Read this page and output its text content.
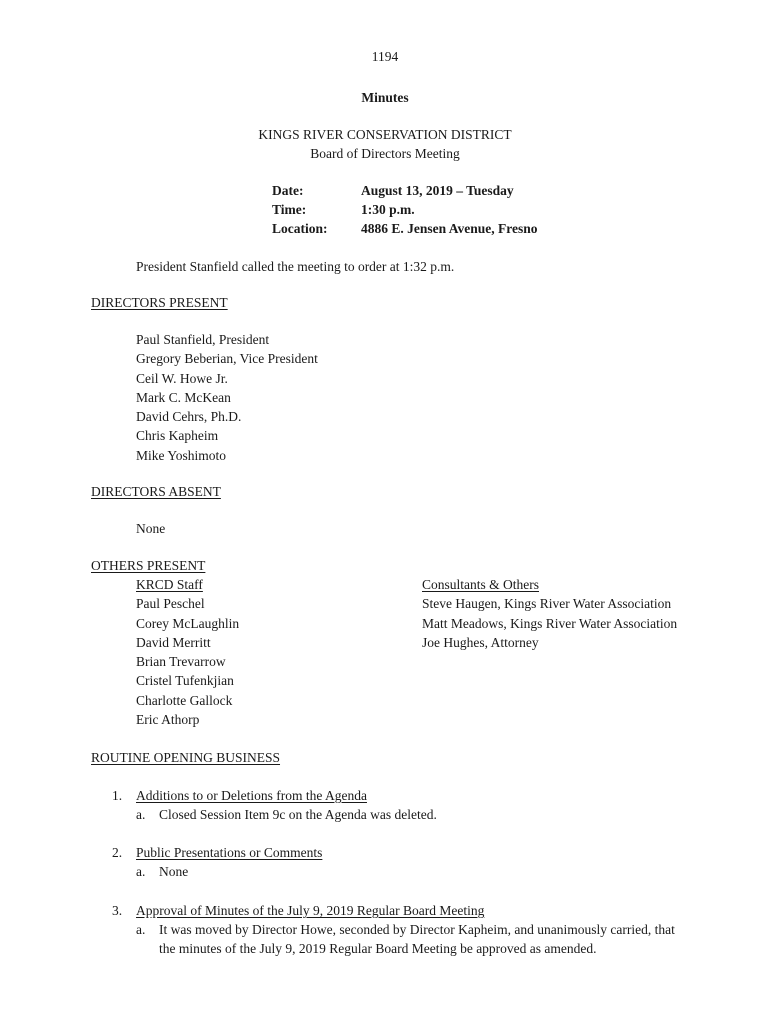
1194
Minutes
KINGS RIVER CONSERVATION DISTRICT
Board of Directors Meeting
Date:	August 13, 2019 – Tuesday
Time:	1:30 p.m.
Location: 4886 E. Jensen Avenue, Fresno
President Stanfield called the meeting to order at 1:32 p.m.
DIRECTORS PRESENT
Paul Stanfield, President
Gregory Beberian, Vice President
Ceil W. Howe Jr.
Mark C. McKean
David Cehrs, Ph.D.
Chris Kapheim
Mike Yoshimoto
DIRECTORS ABSENT
None
OTHERS PRESENT
KRCD Staff
Paul Peschel
Corey McLaughlin
David Merritt
Brian Trevarrow
Cristel Tufenkjian
Charlotte Gallock
Eric Athorp
Consultants & Others
Steve Haugen, Kings River Water Association
Matt Meadows, Kings River Water Association
Joe Hughes, Attorney
ROUTINE OPENING BUSINESS
1. Additions to or Deletions from the Agenda
a. Closed Session Item 9c on the Agenda was deleted.
2. Public Presentations or Comments
a. None
3. Approval of Minutes of the July 9, 2019 Regular Board Meeting
a. It was moved by Director Howe, seconded by Director Kapheim, and unanimously carried, that
the minutes of the July 9, 2019 Regular Board Meeting be approved as amended.
